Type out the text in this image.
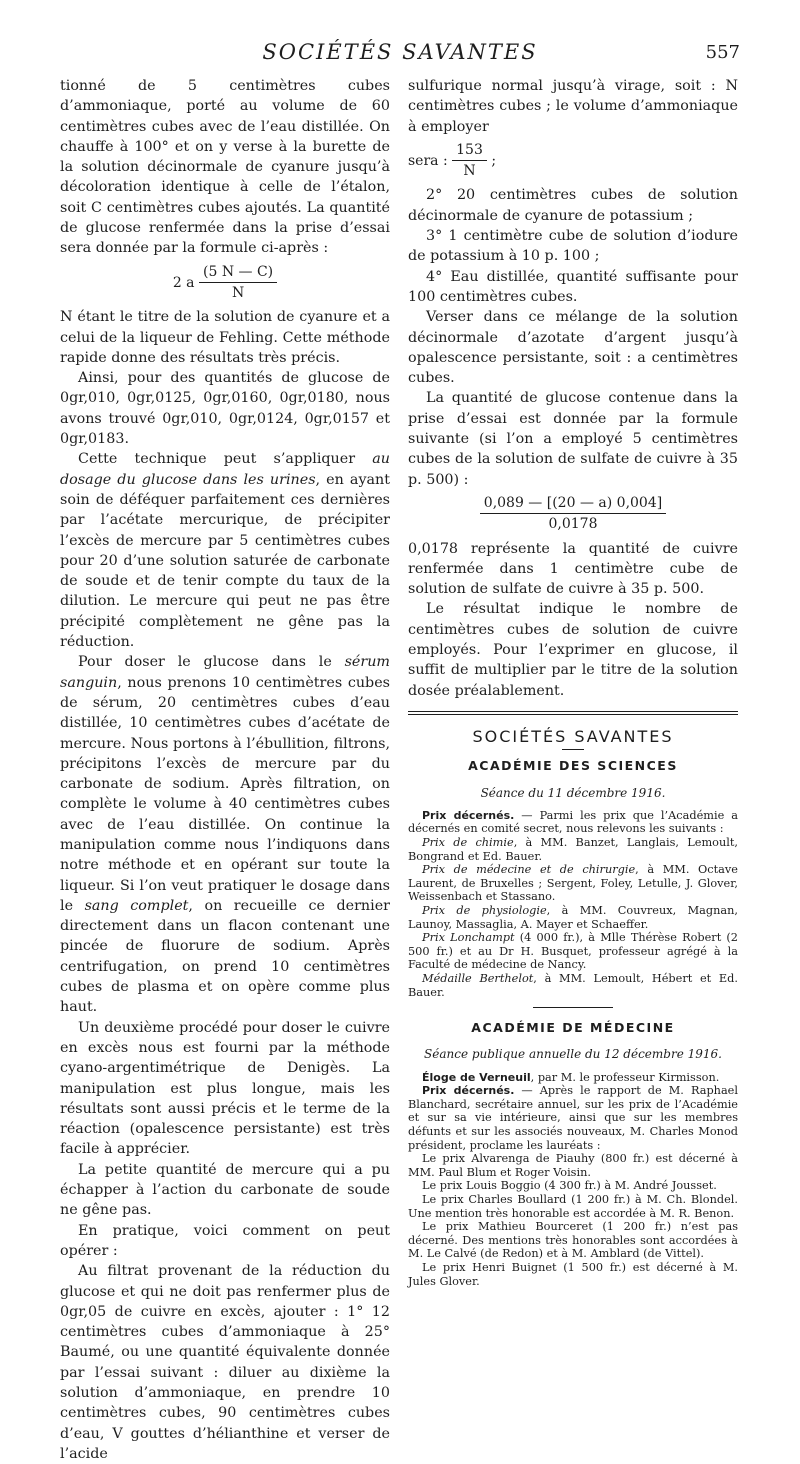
SOCIÉTÉS SAVANTES	557

tionné de 5 centimètres cubes d’ammoniaque, porté au volume de 60 centimètres cubes avec de l’eau distillée. On chauffe à 100° et on y verse à la burette de la solution décinormale de cyanure jusqu’à décoloration identique à celle de l’étalon, soit C centimètres cubes ajoutés. La quantité de glucose renfermée dans la prise d’essai sera donnée par la formule ci-après :

2 a $\frac{(5 N — C)}{N}$

N étant le titre de la solution de cyanure et a celui de la liqueur de Fehling. Cette méthode rapide donne des résultats très précis.

Ainsi, pour des quantités de glucose de 0gr,010, 0gr,0125, 0gr,0160, 0gr,0180, nous avons trouvé 0gr,010, 0gr,0124, 0gr,0157 et 0gr,0183.

Cette technique peut s’appliquer au dosage du glucose dans les urines, en ayant soin de déféquer parfaitement ces dernières par l’acétate mercurique, de précipiter l’excès de mercure par 5 centimètres cubes pour 20 d’une solution saturée de carbonate de soude et de tenir compte du taux de la dilution. Le mercure qui peut ne pas être précipité complètement ne gêne pas la réduction.

Pour doser le glucose dans le sérum sanguin, nous prenons 10 centimètres cubes de sérum, 20 centimètres cubes d’eau distillée, 10 centimètres cubes d’acétate de mercure. Nous portons à l’ébullition, filtrons, précipitons l’excès de mercure par du carbonate de sodium. Après filtration, on complète le volume à 40 centimètres cubes avec de l’eau distillée. On continue la manipulation comme nous l’indiquons dans notre méthode et en opérant sur toute la liqueur. Si l’on veut pratiquer le dosage dans le sang complet, on recueille ce dernier directement dans un flacon contenant une pincée de fluorure de sodium. Après centrifugation, on prend 10 centimètres cubes de plasma et on opère comme plus haut.

Un deuxième procédé pour doser le cuivre en excès nous est fourni par la méthode cyano-argentimétrique de Denigès. La manipulation est plus longue, mais les résultats sont aussi précis et le terme de la réaction (opalescence persistante) est très facile à apprécier.

La petite quantité de mercure qui a pu échapper à l’action du carbonate de soude ne gêne pas.

En pratique, voici comment on peut opérer :

Au filtrat provenant de la réduction du glucose et qui ne doit pas renfermer plus de 0gr,05 de cuivre en excès, ajouter : 1° 12 centimètres cubes d’ammoniaque à 25° Baumé, ou une quantité équivalente donnée par l’essai suivant : diluer au dixième la solution d’ammoniaque, en prendre 10 centimètres cubes, 90 centimètres cubes d’eau, V gouttes d’hélianthine et verser de l’acide

sulfurique normal jusqu’à virage, soit : N centimètres cubes ; le volume d’ammoniaque à employer

sera : $\frac{153}{N}$ ;

2° 20 centimètres cubes de solution décinormale de cyanure de potassium ;

3° 1 centimètre cube de solution d’iodure de potassium à 10 p. 100 ;

4° Eau distillée, quantité suffisante pour 100 centimètres cubes.

Verser dans ce mélange de la solution décinormale d’azotate d’argent jusqu’à opalescence persistante, soit : a centimètres cubes.

La quantité de glucose contenue dans la prise d’essai est donnée par la formule suivante (si l’on a employé 5 centimètres cubes de la solution de sulfate de cuivre à 35 p. 500) :

$\frac{0,089 — [(20 — a) 0,004]}{0,0178}$

0,0178 représente la quantité de cuivre renfermée dans 1 centimètre cube de solution de sulfate de cuivre à 35 p. 500.

Le résultat indique le nombre de centimètres cubes de solution de cuivre employés. Pour l’exprimer en glucose, il suffit de multiplier par le titre de la solution dosée préalablement.

SOCIÉTÉS SAVANTES
ACADÉMIE DES SCIENCES
Séance du 11 décembre 1916.

Prix décernés. — Parmi les prix que l’Académie a décernés en comité secret, nous relevons les suivants :

Prix de chimie, à MM. Banzet, Langlais, Lemoult, Bongrand et Ed. Bauer.

Prix de médecine et de chirurgie, à MM. Octave Laurent, de Bruxelles ; Sergent, Foley, Letulle, J. Glover, Weissenbach et Stassano.

Prix de physiologie, à MM. Couvreux, Magnan, Launoy, Massaglia, A. Mayer et Schaeffer.

Prix Lonchampt (4 000 fr.), à Mlle Thérèse Robert (2 500 fr.) et au Dr H. Busquet, professeur agrégé à la Faculté de médecine de Nancy.

Médaille Berthelot, à MM. Lemoult, Hébert et Ed. Bauer.

ACADÉMIE DE MÉDECINE
Séance publique annuelle du 12 décembre 1916.

Éloge de Verneuil, par M. le professeur Kirmisson.

Prix décernés. — Après le rapport de M. Raphael Blanchard, secrétaire annuel, sur les prix de l’Académie et sur sa vie intérieure, ainsi que sur les membres défunts et sur les associés nouveaux, M. Charles Monod président, proclame les lauréats :

Le prix Alvarenga de Piauhy (800 fr.) est décerné à MM. Paul Blum et Roger Voisin.

Le prix Louis Boggio (4 300 fr.) à M. André Jousset.

Le prix Charles Boullard (1 200 fr.) à M. Ch. Blondel. Une mention très honorable est accordée à M. R. Benon.

Le prix Mathieu Bourceret (1 200 fr.) n’est pas décerné. Des mentions très honorables sont accordées à M. Le Calvé (de Redon) et à M. Amblard (de Vittel).

Le prix Henri Buignet (1 500 fr.) est décerné à M. Jules Glover.
